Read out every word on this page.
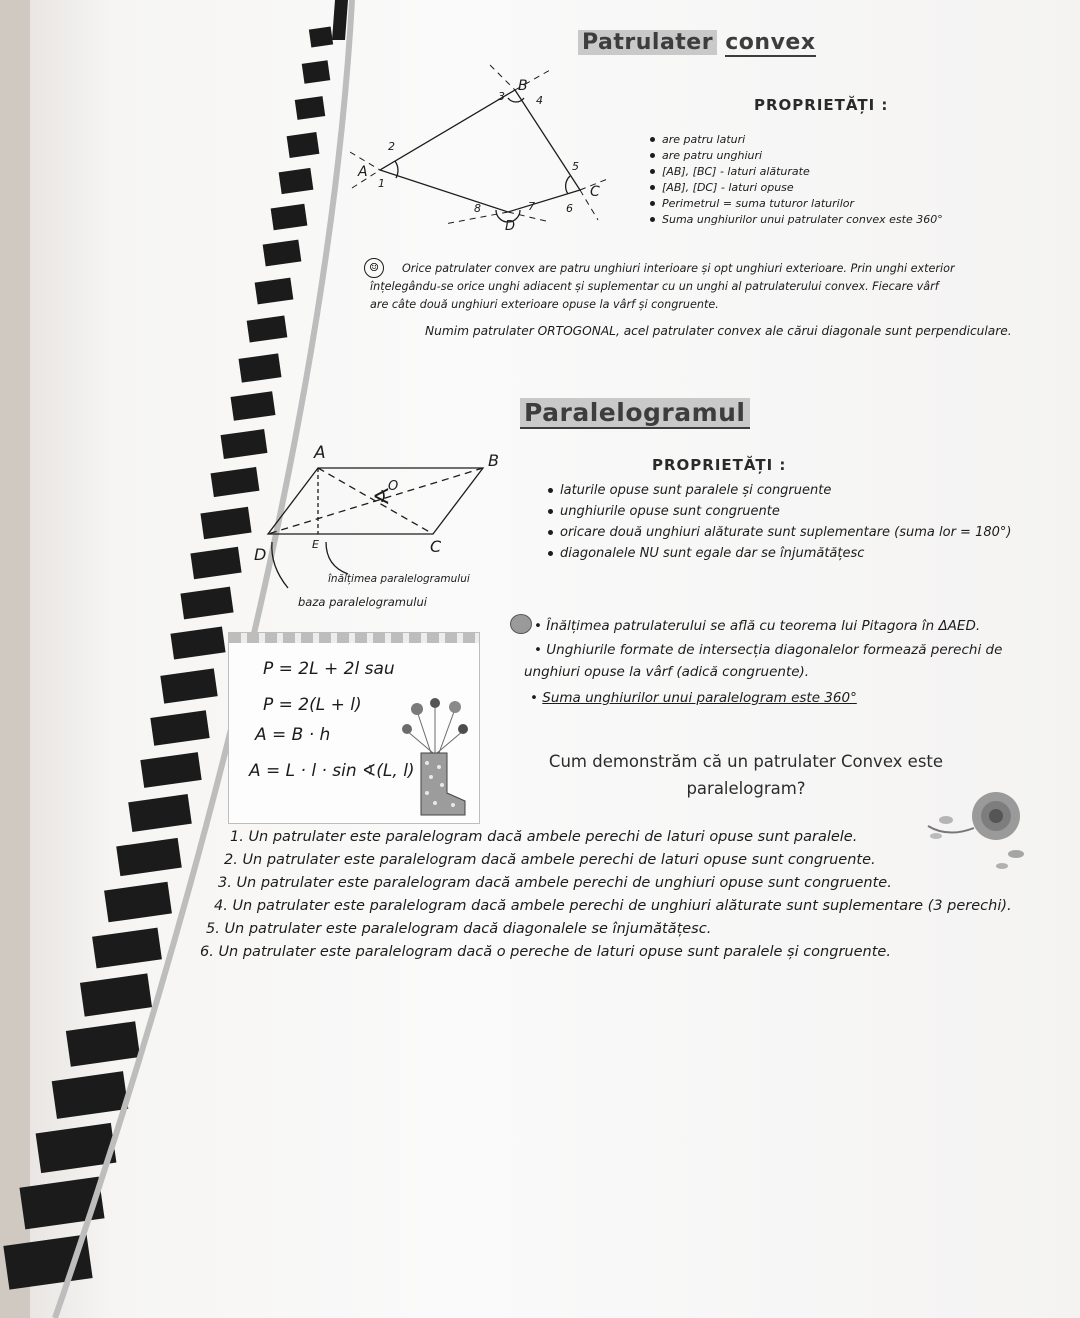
Patrulater convex
A
B
C
D
1
2
3	4
5
6
7
8
PROPRIETĂȚI :
are patru laturi
are patru unghiuri
[AB], [BC] - laturi alăturate
[AB], [DC] - laturi opuse
Perimetrul = suma tuturor laturilor
Suma unghiurilor unui patrulater convex este 360°
☺	Orice patrulater convex are patru unghiuri interioare și opt unghiuri exterioare. Prin unghi exterior
înțelegându-se orice unghi adiacent și suplementar cu un unghi al patrulaterului convex. Fiecare vârf
are câte două unghiuri exterioare opuse la vârf și congruente.
Numim patrulater ORTOGONAL, acel patrulater convex ale cărui diagonale sunt perpendiculare.
Paralelogramul
A	B
C
D
O
E
∢
înălțimea paralelogramului
baza paralelogramului
PROPRIETĂȚI :
laturile opuse sunt paralele și congruente
unghiurile opuse sunt congruente
oricare două unghiuri alăturate sunt suplementare (suma lor = 180°)
diagonalele NU sunt egale dar se înjumătățesc
• Înălțimea patrulaterului se află cu teorema lui Pitagora în ΔAED.
• Unghiurile formate de intersecția diagonalelor formează perechi de
unghiuri opuse la vârf (adică congruente).
• Suma unghiurilor unui paralelogram este 360°
P = 2L + 2l sau
P = 2(L + l)
A = B · h
A = L · l · sin ∢(L, l)	Cum demonstrăm că un patrulater Convex este
paralelogram?
1. Un patrulater este paralelogram dacă ambele perechi de laturi opuse sunt paralele.
2. Un patrulater este paralelogram dacă ambele perechi de laturi opuse sunt congruente.
3. Un patrulater este paralelogram dacă ambele perechi de unghiuri opuse sunt congruente.
4. Un patrulater este paralelogram dacă ambele perechi de unghiuri alăturate sunt suplementare (3 perechi).
5. Un patrulater este paralelogram dacă diagonalele se înjumătățesc.
6. Un patrulater este paralelogram dacă o pereche de laturi opuse sunt paralele și congruente.
